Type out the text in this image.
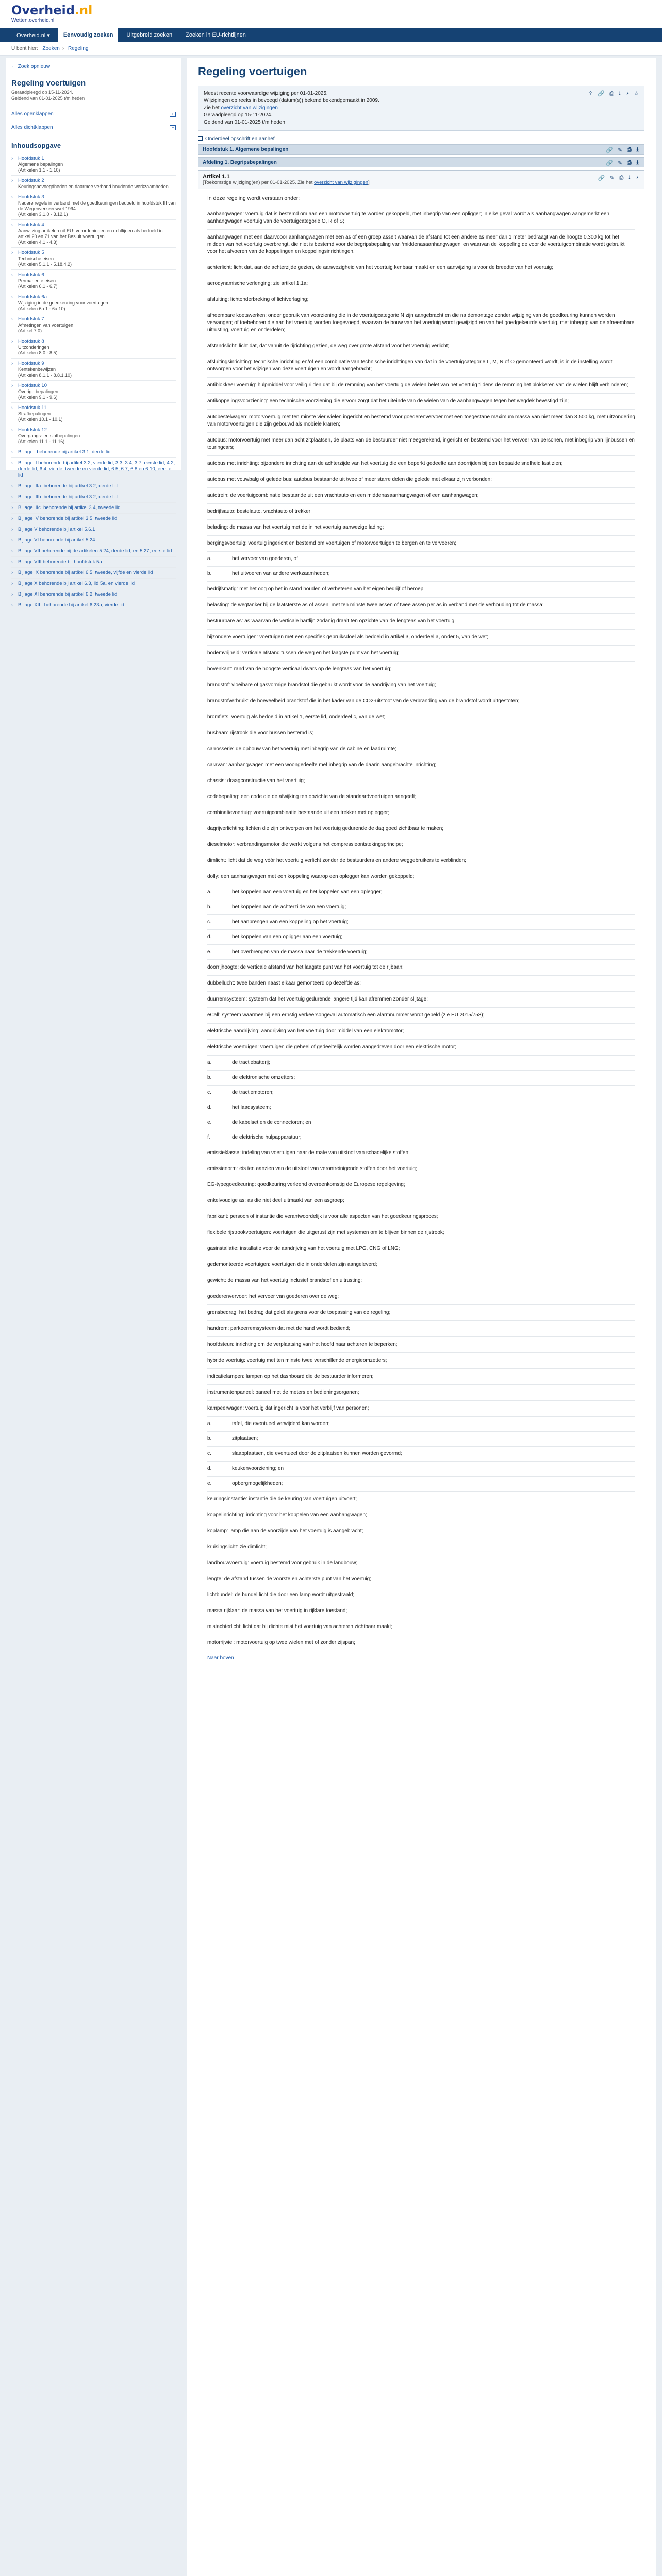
Overheid.nl
Wetten.overheid.nl
Overheid.nl ▾	Eenvoudig zoeken	Uitgebreid zoeken	Zoeken in EU-richtlijnen
U bent hier: Zoeken › Regeling
← Zoek opnieuw
Regeling voertuigen
Geraadpleegd op 15-11-2024.
Geldend van 01-01-2025 t/m heden
Alles openklappen	+
Alles dichtklappen	−
Inhoudsopgave
›	Hoofdstuk 1
Algemene bepalingen
(Artikelen 1.1 - 1.10)
›	Hoofdstuk 2
Keuringsbevoegdheden en daarmee verband houdende werkzaamheden
›	Hoofdstuk 3
Nadere regels in verband met de goedkeuringen bedoeld in hoofdstuk III van de Wegenverkeerswet 1994
(Artikelen 3.1.0 - 3.12.1)
›	Hoofdstuk 4
Aanwijzing artikelen uit EU- verordeningen en richtlijnen als bedoeld in artikel 20 en 71 van het Besluit voertuigen
(Artikelen 4.1 - 4.3)
›	Hoofdstuk 5
Technische eisen
(Artikelen 5.1.1 - 5.18.4.2)
›	Hoofdstuk 6
Permanente eisen
(Artikelen 6.1 - 6.7)
›	Hoofdstuk 6a
Wijziging in de goedkeuring voor voertuigen
(Artikelen 6a.1 - 6a.10)
›	Hoofdstuk 7
Afmetingen van voertuigen
(Artikel 7.0)
›	Hoofdstuk 8
Uitzonderingen
(Artikelen 8.0 - 8.5)
›	Hoofdstuk 9
Kentekenbewijzen
(Artikelen 8.1.1 - 8.8.1.10)
›	Hoofdstuk 10
Overige bepalingen
(Artikelen 9.1 - 9.6)
›	Hoofdstuk 11
Strafbepalingen
(Artikelen 10.1 - 10.1)
›	Hoofdstuk 12
Overgangs- en slotbepalingen
(Artikelen 11.1 - 11.16)
›	Bijlage I behorende bij artikel 3.1, derde lid
›	Bijlage II behorende bij artikel 3.2, vierde lid, 3.3, 3.4, 3.7, eerste lid, 4.2, derde lid, 6.4, vierde, tweede en vierde lid, 6.5, 6.7, 6.8 en 6.10, eerste lid
›	Bijlage IIIa. behorende bij artikel 3.2, derde lid
›	Bijlage IIIb. behorende bij artikel 3.2, derde lid
›	Bijlage IIIc. behorende bij artikel 3.4, tweede lid
›	Bijlage IV behorende bij artikel 3.5, tweede lid
›	Bijlage V behorende bij artikel 5.6.1
›	Bijlage VI behorende bij artikel 5.24
›	Bijlage VII behorende bij de artikelen 5.24, derde lid, en 5.27, eerste lid
›	Bijlage VIII behorende bij hoofdstuk 5a
›	Bijlage IX behorende bij artikel 6.5, tweede, vijfde en vierde lid
›	Bijlage X behorende bij artikel 6.3, lid 5a, en vierde lid
›	Bijlage XI behorende bij artikel 6.2, tweede lid
›	Bijlage XII . behorende bij artikel 6.23a, vierde lid
Regeling voertuigen
Meest recente voorwaardige wijziging per 01-01-2025.
Wijzigingen op reeks in bevoegd (datum(s)) bekend bekendgemaakt in 2009.
Zie het overzicht van wijzigingen
Geraadpleegd op 15-11-2024.
Geldend van 01-01-2025 t/m heden
⇪ 🔗 ⎙ ⤓ ◔ ☆
Onderdeel opschrift en aanhef
Hoofdstuk 1. Algemene bepalingen	🔗 ✎ ⎙ ⤓
Afdeling 1. Begripsbepalingen	🔗 ✎ ⎙ ⤓
Artikel 1.1
[Toekomstige wijziging(en) per 01-01-2025. Zie het overzicht van wijzigingen]
🔗 ✎ ⎙ ⤓ ◔
In deze regeling wordt verstaan onder:
aanhangwagen: voertuig dat is bestemd om aan een motorvoertuig te worden gekoppeld, met inbegrip van een opligger; in elke geval wordt als aanhangwagen aangemerkt een aanhangwagen voertuig van de voertuigcategorie O, R of S;
aanhangwagen met een daarvooor aanhangwagen met een as of een groep asselt waarvan de afstand tot een andere as meer dan 1 meter bedraagt van de hoogte 0,300 kg tot het midden van het voertuig overbrengt, die niet is bestemd voor de begripsbepaling van ‘middenasaanhangwagen’ en waarvan de koppeling de voor de voertuigcombinatie wordt gebruikt voor het afvoeren van de koppelingen en koppelingsinrichtingen.
achterlicht: licht dat, aan de achterzijde gezien, de aanwezigheid van het voertuig kenbaar maakt en een aanwijzing is voor de breedte van het voertuig;
aerodynamische verlenging: zie artikel 1.1a;
afsluiting: lichtonderbreking of lichtverlaging;
afneembare koetswerken: onder gebruik van voorziening die in de voertuigcategorie N zijn aangebracht en die na demontage zonder wijziging van de goedkeuring kunnen worden vervangen; of toebehoren die aan het voertuig worden toegevoegd, waarvan de bouw van het voertuig wordt gewijzigd en van het goedgekeurde voertuig, met inbegrip van de afneembare uitrusting, voertuig en onderdelen;
afstandslicht: licht dat, dat vanuit de rijrichting gezien, de weg over grote afstand voor het voertuig verlicht;
afsluitingsinrichting: technische inrichting en/of een combinatie van technische inrichtingen van dat in de voertuigcategorie L, M, N of O gemonteerd wordt, is in de instelling wordt ontworpen voor het wijzigen van deze voertuigen en wordt aangebracht;
antiblokkeer voertuig: hulpmiddel voor veilig rijden dat bij de remming van het voertuig de wielen belet van het voertuig tijdens de remming het blokkeren van de wielen blijft verhinderen;
antikoppelingsvoorziening: een technische voorziening die ervoor zorgt dat het uiteinde van de wielen van de aanhangwagen tegen het wegdek bevestigd zijn;
autobestelwagen: motorvoertuig met ten minste vier wielen ingericht en bestemd voor goederenvervoer met een toegestane maximum massa van niet meer dan 3 500 kg, met uitzondering van motorvoertuigen die zijn gebouwd als mobiele kranen;
autobus: motorvoertuig met meer dan acht zitplaatsen, de plaats van de bestuurder niet meegerekend, ingericht en bestemd voor het vervoer van personen, met inbegrip van lijnbussen en touringcars;
autobus met inrichting: bijzondere inrichting aan de achterzijde van het voertuig die een beperkt gedeelte aan doorrijden bij een bepaalde snelheid laat zien;
autobus met vouwbalg of gelede bus: autobus bestaande uit twee of meer starre delen die gelede met elkaar zijn verbonden;
autotrein: de voertuigcombinatie bestaande uit een vrachtauto en een middenasaanhangwagen of een aanhangwagen;
bedrijfsauto: bestelauto, vrachtauto of trekker;
belading: de massa van het voertuig met de in het voertuig aanwezige lading;
bergingsvoertuig: voertuig ingericht en bestemd om voertuigen of motorvoertuigen te bergen en te vervoeren;
a.	het vervoer van goederen, of
b.	het uitvoeren van andere werkzaamheden;
bedrijfsmatig: met het oog op het in stand houden of verbeteren van het eigen bedrijf of beroep.
belasting: de wegtanker bij de laatsterste as of assen, met ten minste twee assen of twee assen per as in verband met de verhouding tot de massa;
bestuurbare as: as waarvan de verticale hartlijn zodanig draait ten opzichte van de lengteas van het voertuig;
bijzondere voertuigen: voertuigen met een specifiek gebruiksdoel als bedoeld in artikel 3, onderdeel a, onder 5, van de wet;
bodemvrijheid: verticale afstand tussen de weg en het laagste punt van het voertuig;
bovenkant: rand van de hoogste verticaal dwars op de lengteas van het voertuig;
brandstof: vloeibare of gasvormige brandstof die gebruikt wordt voor de aandrijving van het voertuig;
brandstofverbruik: de hoeveelheid brandstof die in het kader van de CO2-uitstoot van de verbranding van de brandstof wordt uitgestoten;
bromfiets: voertuig als bedoeld in artikel 1, eerste lid, onderdeel c, van de wet;
busbaan: rijstrook die voor bussen bestemd is;
carrosserie: de opbouw van het voertuig met inbegrip van de cabine en laadruimte;
caravan: aanhangwagen met een woongedeelte met inbegrip van de daarin aangebrachte inrichting;
chassis: draagconstructie van het voertuig;
codebepaling: een code die de afwijking ten opzichte van de standaardvoertuigen aangeeft;
combinatievoertuig: voertuigcombinatie bestaande uit een trekker met oplegger;
dagrijverlichting: lichten die zijn ontworpen om het voertuig gedurende de dag goed zichtbaar te maken;
dieselmotor: verbrandingsmotor die werkt volgens het compressieontstekingsprincipe;
dimlicht: licht dat de weg vóór het voertuig verlicht zonder de bestuurders en andere weggebruikers te verblinden;
dolly: een aanhangwagen met een koppeling waarop een oplegger kan worden gekoppeld;
a.	het koppelen aan een voertuig en het koppelen van een oplegger;
b.	het koppelen aan de achterzijde van een voertuig;
c.	het aanbrengen van een koppeling op het voertuig;
d.	het koppelen van een opligger aan een voertuig;
e.	het overbrengen van de massa naar de trekkende voertuig;
doorrijhoogte: de verticale afstand van het laagste punt van het voertuig tot de rijbaan;
dubbellucht: twee banden naast elkaar gemonteerd op dezelfde as;
duurremsysteem: systeem dat het voertuig gedurende langere tijd kan afremmen zonder slijtage;
eCall: systeem waarmee bij een ernstig verkeersongeval automatisch een alarmnummer wordt gebeld (zie EU 2015/758);
elektrische aandrijving: aandrijving van het voertuig door middel van een elektromotor;
elektrische voertuigen: voertuigen die geheel of gedeeltelijk worden aangedreven door een elektrische motor;
a.	de tractiebatterij;
b.	de elektronische omzetters;
c.	de tractiemotoren;
d.	het laadsysteem;
e.	de kabelset en de connectoren; en
f.	de elektrische hulpapparatuur;
emissieklasse: indeling van voertuigen naar de mate van uitstoot van schadelijke stoffen;
emissienorm: eis ten aanzien van de uitstoot van verontreinigende stoffen door het voertuig;
EG-typegoedkeuring: goedkeuring verleend overeenkomstig de Europese regelgeving;
enkelvoudige as: as die niet deel uitmaakt van een asgroep;
fabrikant: persoon of instantie die verantwoordelijk is voor alle aspecten van het goedkeuringsproces;
flexibele rijstrookvoertuigen: voertuigen die uitgerust zijn met systemen om te blijven binnen de rijstrook;
gasinstallatie: installatie voor de aandrijving van het voertuig met LPG, CNG of LNG;
gedemonteerde voertuigen: voertuigen die in onderdelen zijn aangeleverd;
gewicht: de massa van het voertuig inclusief brandstof en uitrusting;
goederenvervoer: het vervoer van goederen over de weg;
grensbedrag: het bedrag dat geldt als grens voor de toepassing van de regeling;
handrem: parkeerremsysteem dat met de hand wordt bediend;
hoofdsteun: inrichting om de verplaatsing van het hoofd naar achteren te beperken;
hybride voertuig: voertuig met ten minste twee verschillende energieomzetters;
indicatielampen: lampen op het dashboard die de bestuurder informeren;
instrumentenpaneel: paneel met de meters en bedieningsorganen;
kampeerwagen: voertuig dat ingericht is voor het verblijf van personen;
a.	tafel, die eventueel verwijderd kan worden;
b.	zitplaatsen;
c.	slaapplaatsen, die eventueel door de zitplaatsen kunnen worden gevormd;
d.	keukenvoorziening; en
e.	opbergmogelijkheden;
keuringsinstantie: instantie die de keuring van voertuigen uitvoert;
koppelinrichting: inrichting voor het koppelen van een aanhangwagen;
koplamp: lamp die aan de voorzijde van het voertuig is aangebracht;
kruisingslicht: zie dimlicht;
landbouwvoertuig: voertuig bestemd voor gebruik in de landbouw;
lengte: de afstand tussen de voorste en achterste punt van het voertuig;
lichtbundel: de bundel licht die door een lamp wordt uitgestraald;
massa rijklaar: de massa van het voertuig in rijklare toestand;
mistachterlicht: licht dat bij dichte mist het voertuig van achteren zichtbaar maakt;
motorrijwiel: motorvoertuig op twee wielen met of zonder zijspan;
Naar boven
